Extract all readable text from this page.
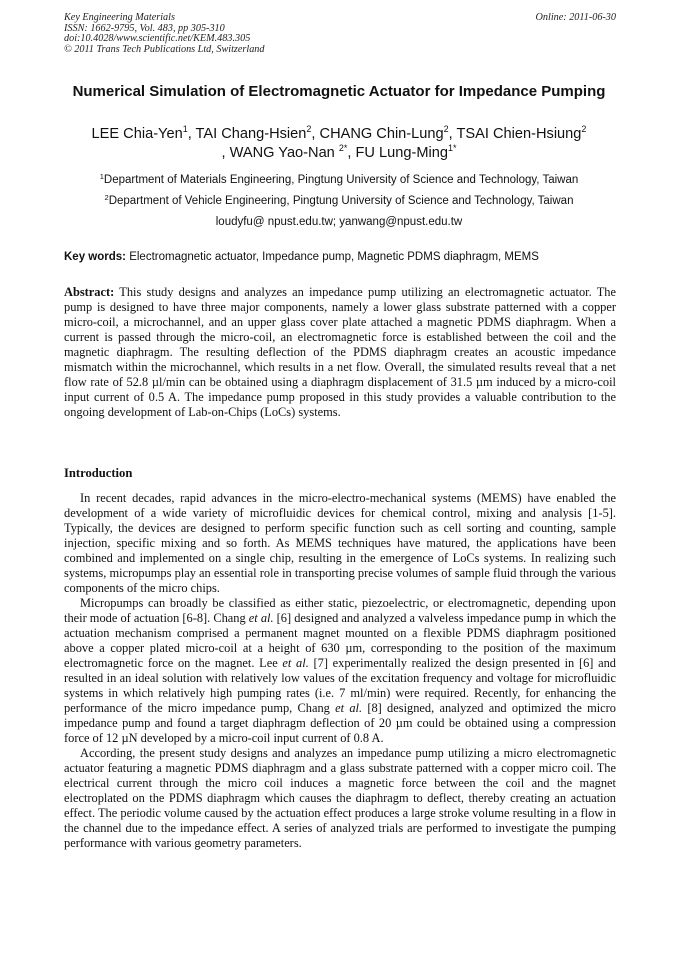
Key Engineering Materials
ISSN: 1662-9795, Vol. 483, pp 305-310
doi:10.4028/www.scientific.net/KEM.483.305
© 2011 Trans Tech Publications Ltd, Switzerland
Online: 2011-06-30
Numerical Simulation of Electromagnetic Actuator for Impedance Pumping
LEE Chia-Yen$^1$, TAI Chang-Hsien$^2$, CHANG Chin-Lung$^2$, TSAI Chien-Hsiung$^2$
, WANG Yao-Nan $^{2*}$, FU Lung-Ming$^{1*}$
$^1$Department of Materials Engineering, Pingtung University of Science and Technology, Taiwan
$^2$Department of Vehicle Engineering, Pingtung University of Science and Technology, Taiwan
loudyfu@ npust.edu.tw; yanwang@npust.edu.tw
Key words: Electromagnetic actuator, Impedance pump, Magnetic PDMS diaphragm, MEMS
Abstract: This study designs and analyzes an impedance pump utilizing an electromagnetic actuator. The pump is designed to have three major components, namely a lower glass substrate patterned with a copper micro-coil, a microchannel, and an upper glass cover plate attached a magnetic PDMS diaphragm. When a current is passed through the micro-coil, an electromagnetic force is established between the coil and the magnetic diaphragm. The resulting deflection of the PDMS diaphragm creates an acoustic impedance mismatch within the microchannel, which results in a net flow. Overall, the simulated results reveal that a net flow rate of 52.8 µl/min can be obtained using a diaphragm displacement of 31.5 µm induced by a micro-coil input current of 0.5 A. The impedance pump proposed in this study provides a valuable contribution to the ongoing development of Lab-on-Chips (LoCs) systems.
Introduction

In recent decades, rapid advances in the micro-electro-mechanical systems (MEMS) have enabled the development of a wide variety of microfluidic devices for chemical control, mixing and analysis [1-5]. Typically, the devices are designed to perform specific function such as cell sorting and counting, sample injection, specific mixing and so forth. As MEMS techniques have matured, the applications have been combined and implemented on a single chip, resulting in the emergence of LoCs systems. In realizing such systems, micropumps play an essential role in transporting precise volumes of sample fluid through the various components of the micro chips.

Micropumps can broadly be classified as either static, piezoelectric, or electromagnetic, depending upon their mode of actuation [6-8]. Chang et al. [6] designed and analyzed a valveless impedance pump in which the actuation mechanism comprised a permanent magnet mounted on a flexible PDMS diaphragm positioned above a copper plated micro-coil at a height of 630 µm, corresponding to the position of the maximum electromagnetic force on the magnet. Lee et al. [7] experimentally realized the design presented in [6] and resulted in an ideal solution with relatively low values of the excitation frequency and voltage for microfluidic systems in which relatively high pumping rates (i.e. 7 ml/min) were required. Recently, for enhancing the performance of the micro impedance pump, Chang et al. [8] designed, analyzed and optimized the micro impedance pump and found a target diaphragm deflection of 20 µm could be obtained using a compression force of 12 µN developed by a micro-coil input current of 0.8 A.

According, the present study designs and analyzes an impedance pump utilizing a micro electromagnetic actuator featuring a magnetic PDMS diaphragm and a glass substrate patterned with a copper micro coil. The electrical current through the micro coil induces a magnetic force between the coil and the magnet electroplated on the PDMS diaphragm which causes the diaphragm to deflect, thereby creating an actuation effect. The periodic volume caused by the actuation effect produces a large stroke volume resulting in a flow in the channel due to the impedance effect. A series of analyzed trials are performed to investigate the pumping performance with various geometry parameters.
